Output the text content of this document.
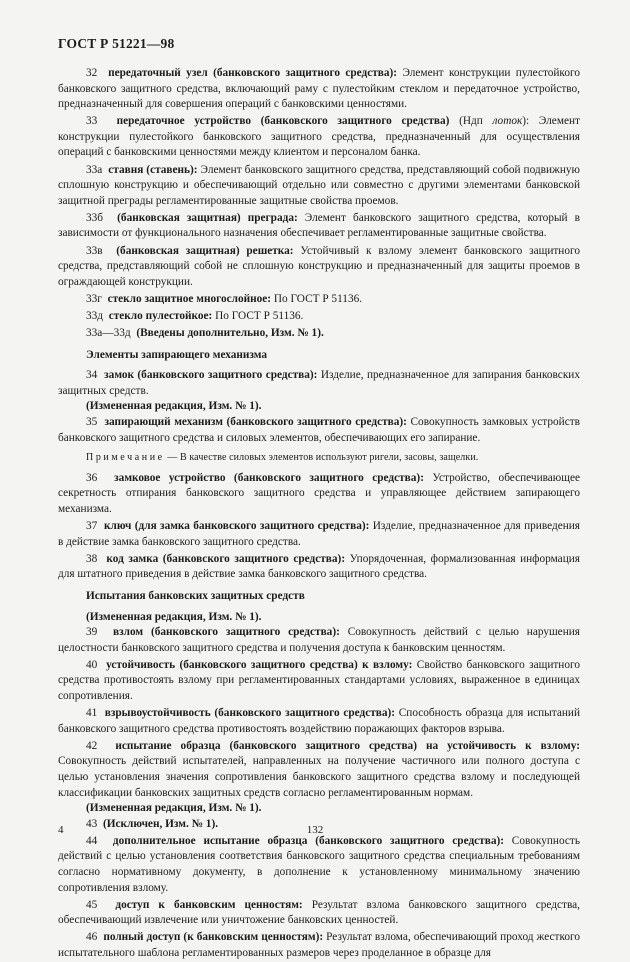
ГОСТ Р 51221—98

32 передаточный узел (банковского защитного средства): Элемент конструкции пулестойкого банковского защитного средства, включающий раму с пулестойким стеклом и передаточное устройство, предназначенный для совершения операций с банковскими ценностями.

33 передаточное устройство (банковского защитного средства) (Ндп лоток): Элемент конструкции пулестойкого банковского защитного средства, предназначенный для осуществления операций с банковскими ценностями между клиентом и персоналом банка.

33а ставня (ставень): Элемент банковского защитного средства, представляющий собой подвижную сплошную конструкцию и обеспечивающий отдельно или совместно с другими элементами банковской защитной преграды регламентированные защитные свойства проемов.

33б (банковская защитная) преграда: Элемент банковского защитного средства, который в зависимости от функционального назначения обеспечивает регламентированные защитные свойства.

33в (банковская защитная) решетка: Устойчивый к взлому элемент банковского защитного средства, представляющий собой не сплошную конструкцию и предназначенный для защиты проемов в ограждающей конструкции.

33г стекло защитное многослойное: По ГОСТ Р 51136.

33д стекло пулестойкое: По ГОСТ Р 51136.

33а—33д (Введены дополнительно, Изм. № 1).

Элементы запирающего механизма

34 замок (банковского защитного средства): Изделие, предназначенное для запирания банковских защитных средств.

(Измененная редакция, Изм. № 1).

35 запирающий механизм (банковского защитного средства): Совокупность замковых устройств банковского защитного средства и силовых элементов, обеспечивающих его запирание.

Примечание — В качестве силовых элементов используют ригели, засовы, защелки.

36 замковое устройство (банковского защитного средства): Устройство, обеспечивающее секретность отпирания банковского защитного средства и управляющее действием запирающего механизма.

37 ключ (для замка банковского защитного средства): Изделие, предназначенное для приведения в действие замка банковского защитного средства.

38 код замка (банковского защитного средства): Упорядоченная, формализованная информация для штатного приведения в действие замка банковского защитного средства.

Испытания банковских защитных средств

(Измененная редакция, Изм. № 1).

39 взлом (банковского защитного средства): Совокупность действий с целью нарушения целостности банковского защитного средства и получения доступа к банковским ценностям.

40 устойчивость (банковского защитного средства) к взлому: Свойство банковского защитного средства противостоять взлому при регламентированных стандартами условиях, выраженное в единицах сопротивления.

41 взрывоустойчивость (банковского защитного средства): Способность образца для испытаний банковского защитного средства противостоять воздействию поражающих факторов взрыва.

42 испытание образца (банковского защитного средства) на устойчивость к взлому: Совокупность действий испытателей, направленных на получение частичного или полного доступа с целью установления значения сопротивления банковского защитного средства взлому и последующей классификации банковских защитных средств согласно регламентированным нормам.

(Измененная редакция, Изм. № 1).

43 (Исключен, Изм. № 1).

44 дополнительное испытание образца (банковского защитного средства): Совокупность действий с целью установления соответствия банковского защитного средства специальным требованиям согласно нормативному документу, в дополнение к установленному минимальному значению сопротивления взлому.

45 доступ к банковским ценностям: Результат взлома банковского защитного средства, обеспечивающий извлечение или уничтожение банковских ценностей.

46 полный доступ (к банковским ценностям): Результат взлома, обеспечивающий проход жесткого испытательного шаблона регламентированных размеров через проделанное в образце для

4	132
